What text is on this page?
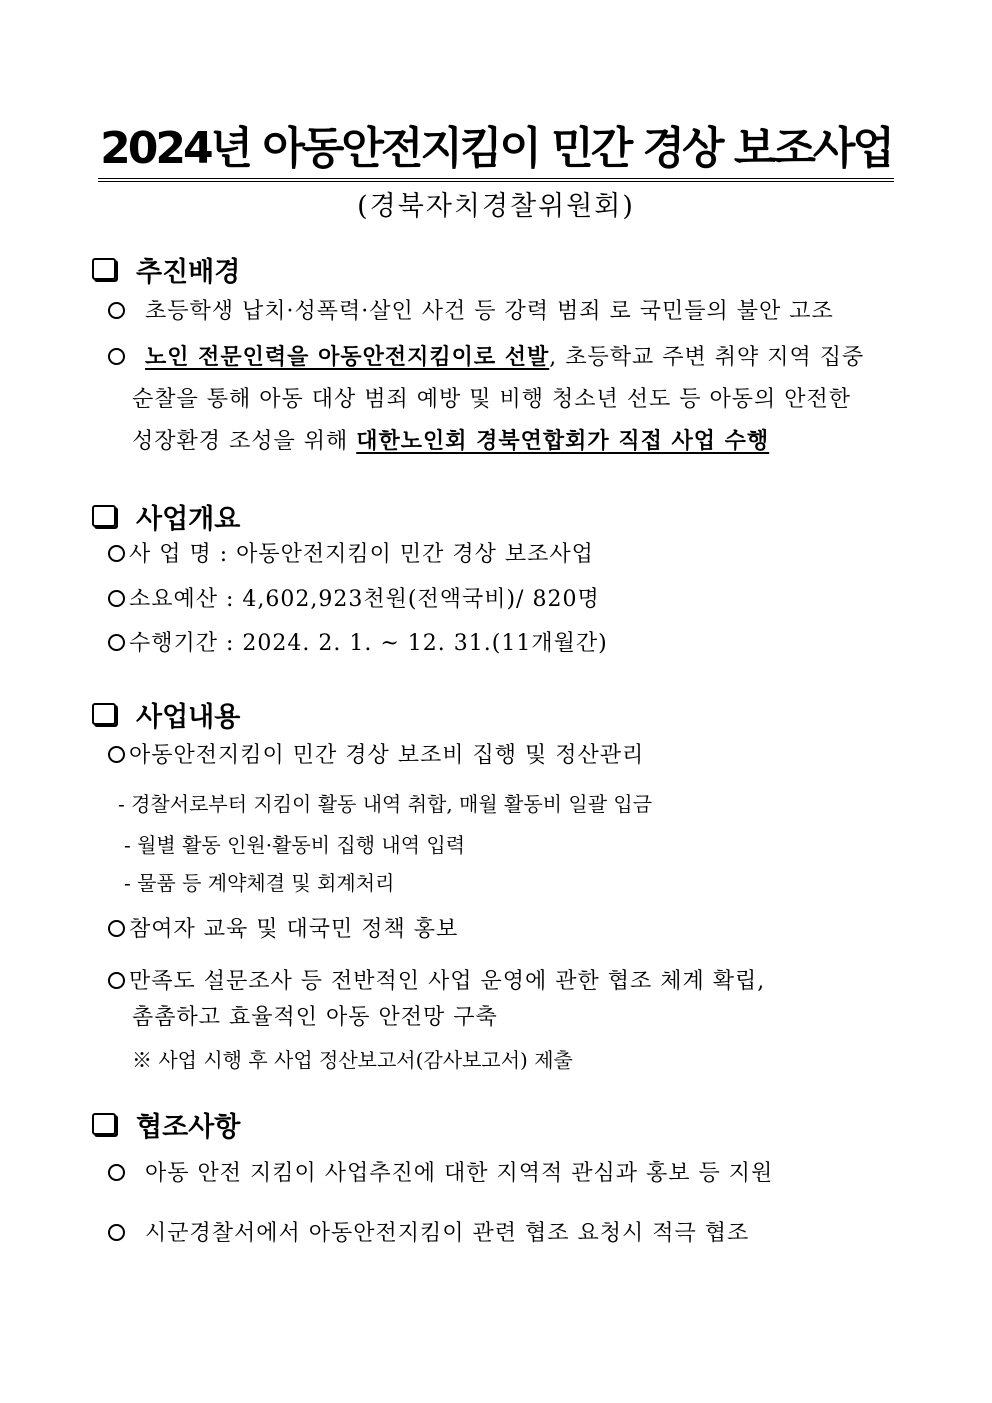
2024년 아동안전지킴이 민간 경상 보조사업
(경북자치경찰위원회)
추진배경
초등학생 납치·성폭력·살인 사건 등 강력 범죄 로 국민들의 불안 고조
노인 전문인력을 아동안전지킴이로 선발, 초등학교 주변 취약 지역 집중
순찰을 통해 아동 대상 범죄 예방 및 비행 청소년 선도 등 아동의 안전한
성장환경 조성을 위해 대한노인회 경북연합회가 직접 사업 수행
사업개요
사 업 명 : 아동안전지킴이 민간 경상 보조사업
소요예산 : 4,602,923천원(전액국비)/ 820명
수행기간 : 2024. 2. 1. ~ 12. 31.(11개월간)
사업내용
아동안전지킴이 민간 경상 보조비 집행 및 정산관리
- 경찰서로부터 지킴이 활동 내역 취합, 매월 활동비 일괄 입금
- 월별 활동 인원·활동비 집행 내역 입력
- 물품 등 계약체결 및 회계처리
참여자 교육 및 대국민 정책 홍보
만족도 설문조사 등 전반적인 사업 운영에 관한 협조 체계 확립,
촘촘하고 효율적인 아동 안전망 구축
※ 사업 시행 후 사업 정산보고서(감사보고서) 제출
협조사항
아동 안전 지킴이 사업추진에 대한 지역적 관심과 홍보 등 지원
시군경찰서에서 아동안전지킴이 관련 협조 요청시 적극 협조
